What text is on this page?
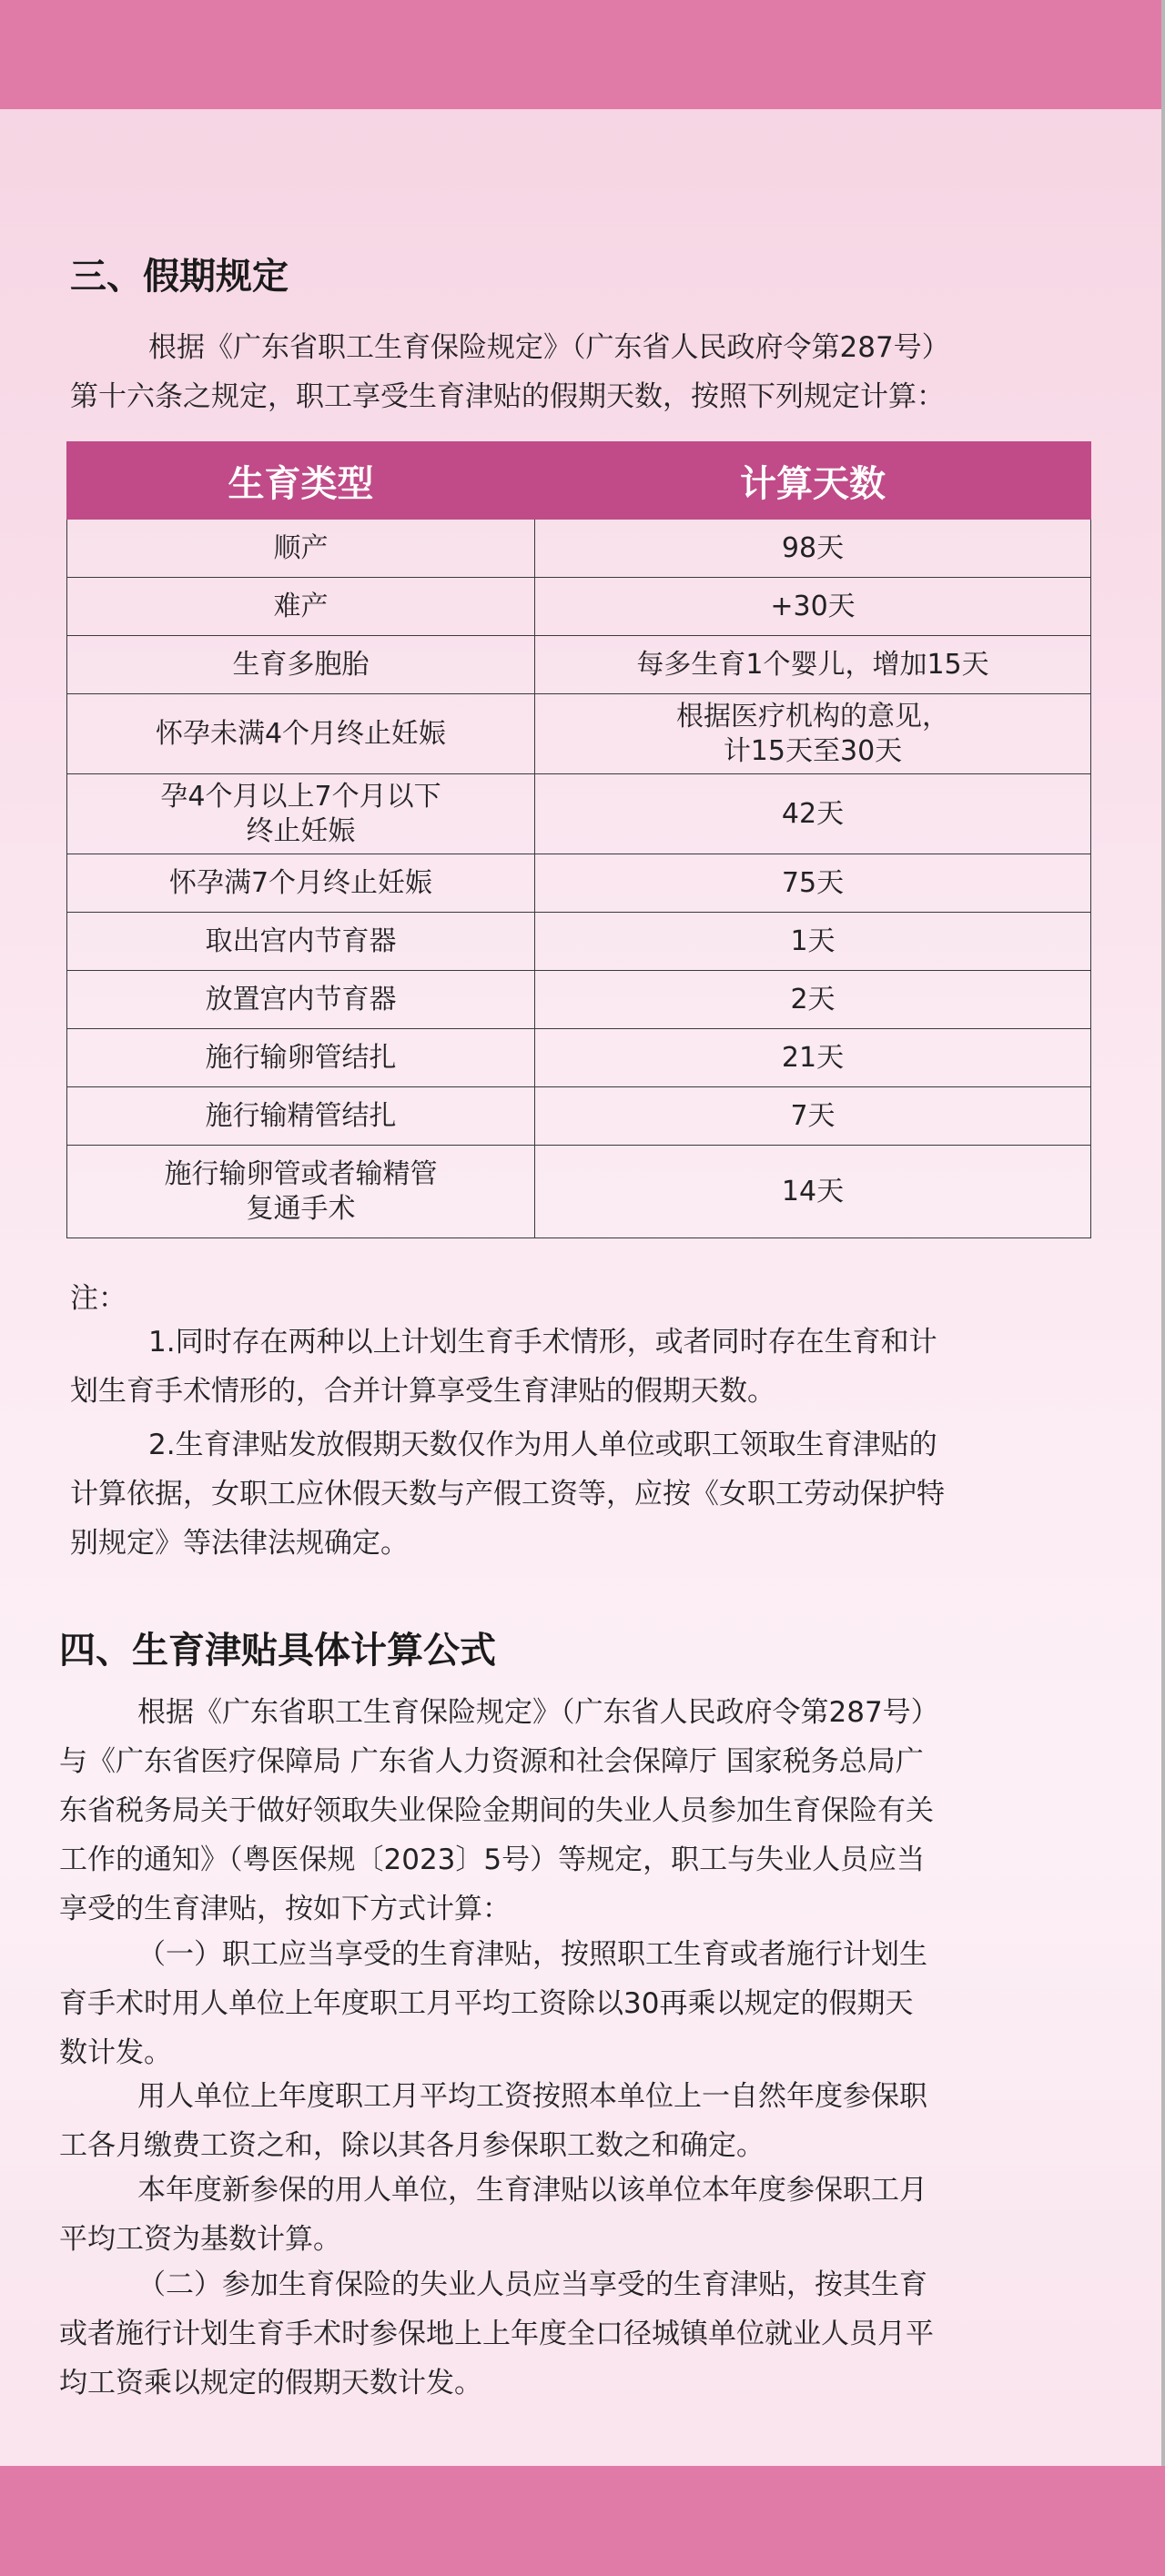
三、假期规定

根据《广东省职工生育保险规定》（广东省人民政府令第287号）
第十六条之规定，职工享受生育津贴的假期天数，按照下列规定计算：

生育类型	计算天数
顺产	98天
难产	+30天
生育多胞胎	每多生育1个婴儿，增加15天
怀孕未满4个月终止妊娠	根据医疗机构的意见，
计15天至30天
孕4个月以上7个月以下
终止妊娠	42天
怀孕满7个月终止妊娠	75天
取出宫内节育器	1天
放置宫内节育器	2天
施行输卵管结扎	21天
施行输精管结扎	7天
施行输卵管或者输精管
复通手术	14天

注：

1.同时存在两种以上计划生育手术情形，或者同时存在生育和计
划生育手术情形的，合并计算享受生育津贴的假期天数。

2.生育津贴发放假期天数仅作为用人单位或职工领取生育津贴的
计算依据，女职工应休假天数与产假工资等，应按《女职工劳动保护特
别规定》等法律法规确定。

四、生育津贴具体计算公式

根据《广东省职工生育保险规定》（广东省人民政府令第287号）
与《广东省医疗保障局 广东省人力资源和社会保障厅 国家税务总局广
东省税务局关于做好领取失业保险金期间的失业人员参加生育保险有关
工作的通知》（粤医保规〔2023〕5号）等规定，职工与失业人员应当
享受的生育津贴，按如下方式计算：

（一）职工应当享受的生育津贴，按照职工生育或者施行计划生
育手术时用人单位上年度职工月平均工资除以30再乘以规定的假期天
数计发。

用人单位上年度职工月平均工资按照本单位上一自然年度参保职
工各月缴费工资之和，除以其各月参保职工数之和确定。

本年度新参保的用人单位，生育津贴以该单位本年度参保职工月
平均工资为基数计算。

（二）参加生育保险的失业人员应当享受的生育津贴，按其生育
或者施行计划生育手术时参保地上上年度全口径城镇单位就业人员月平
均工资乘以规定的假期天数计发。
